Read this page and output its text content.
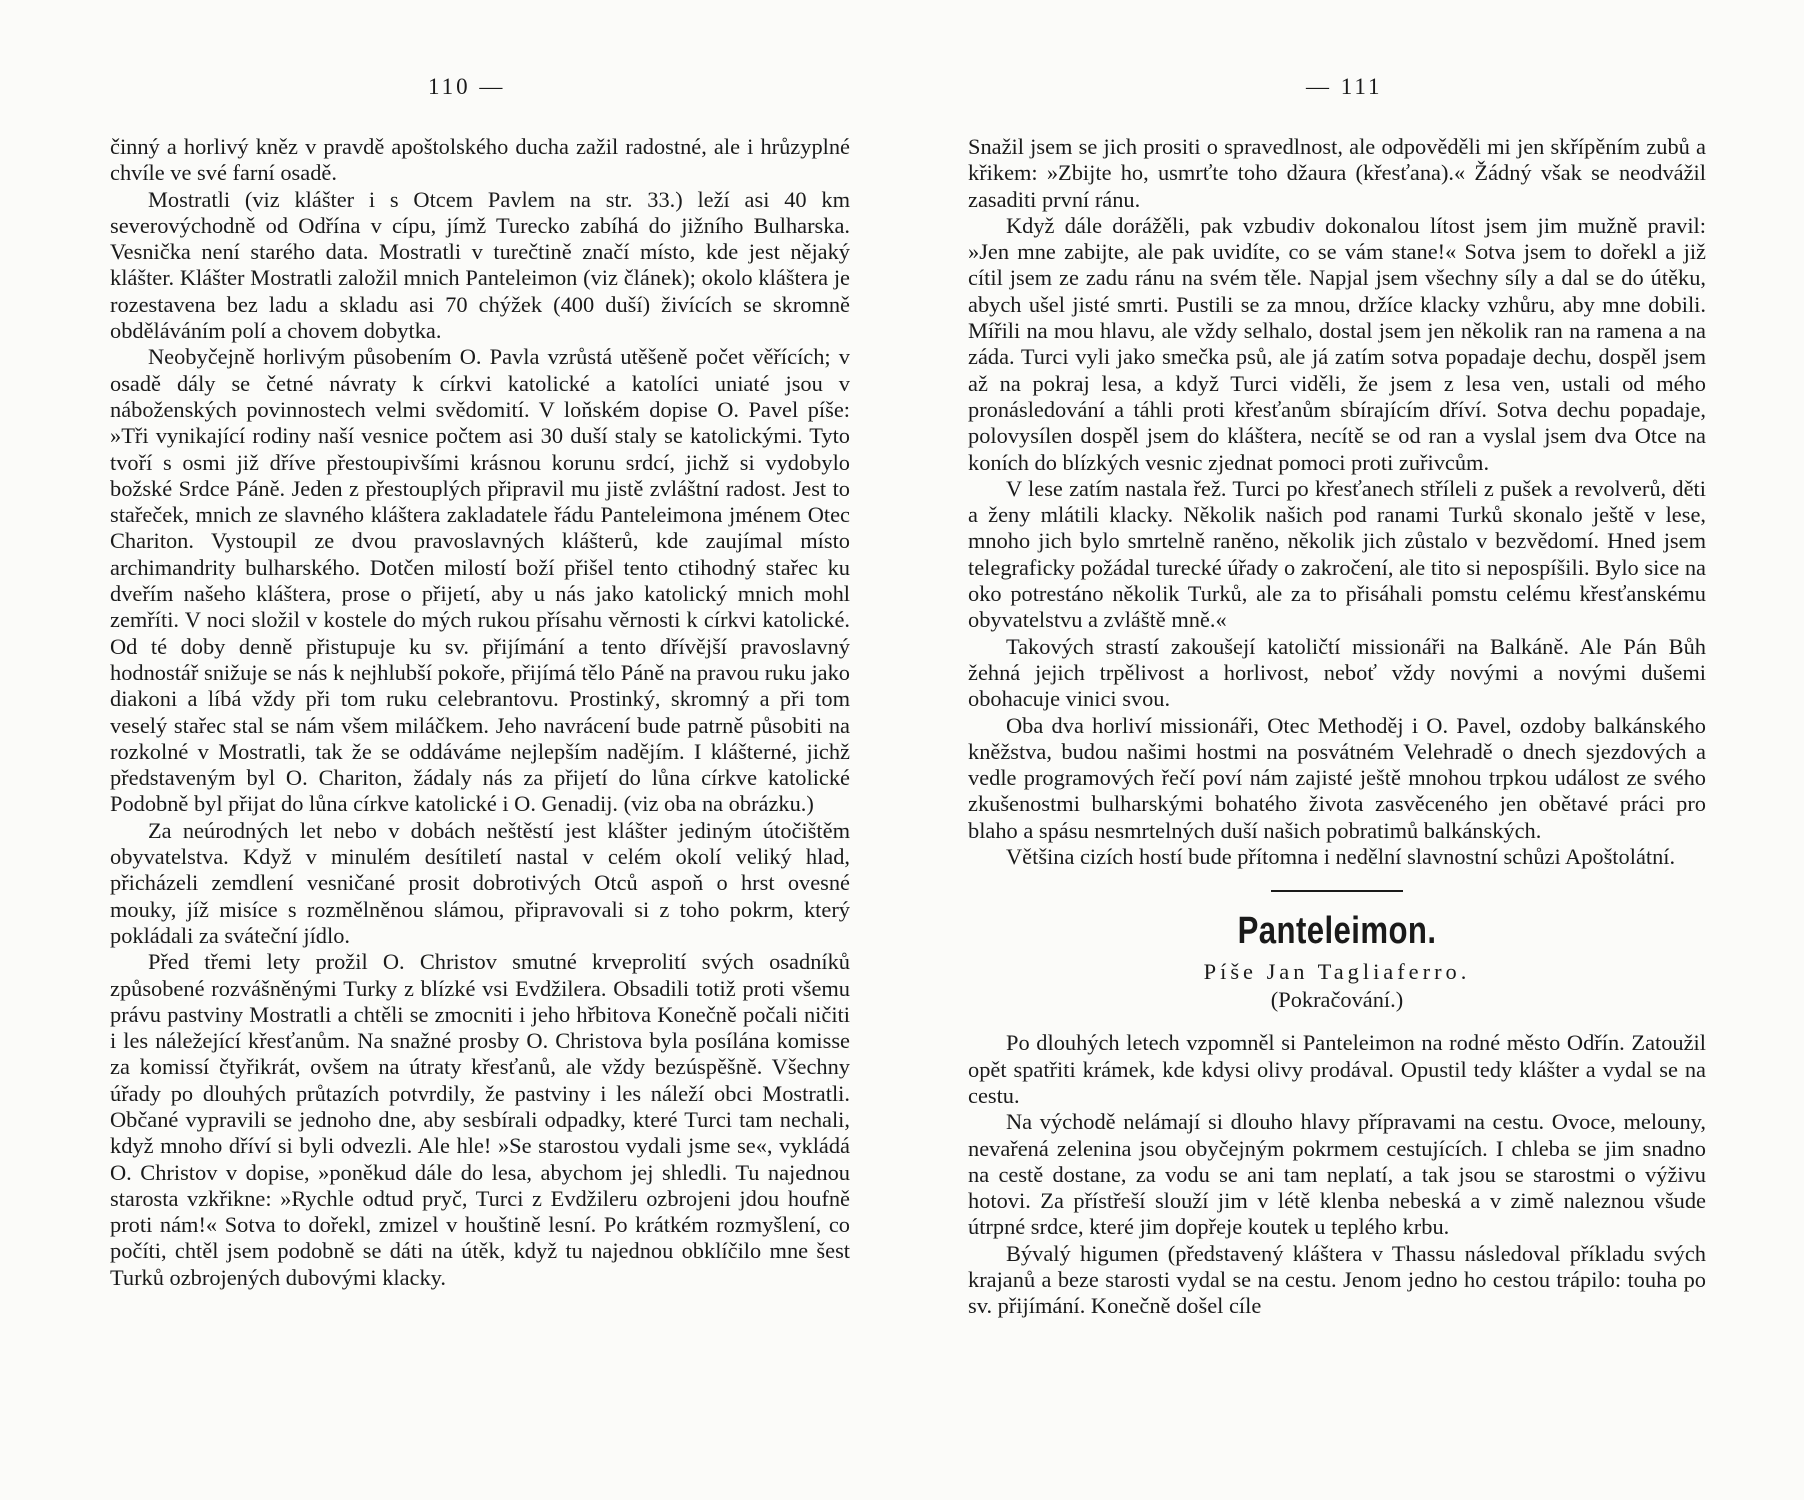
110 —

činný a horlivý kněz v pravdě apoštolského ducha zažil radostné, ale i hrůzyplné chvíle ve své farní osadě.

Mostratli (viz klášter i s Otcem Pavlem na str. 33.) leží asi 40 km severovýchodně od Odřína v cípu, jímž Turecko zabíhá do jižního Bulharska. Vesnička není starého data. Mostratli v turečtině značí místo, kde jest nějaký klášter. Klášter Mostratli založil mnich Panteleimon (viz článek); okolo kláštera je rozestavena bez ladu a skladu asi 70 chýžek (400 duší) živících se skromně obděláváním polí a chovem dobytka.

Neobyčejně horlivým působením O. Pavla vzrůstá utěšeně počet věřících; v osadě dály se četné návraty k církvi katolické a katolíci uniaté jsou v náboženských povinnostech velmi svědomití. V loňském dopise O. Pavel píše: »Tři vynikající rodiny naší vesnice počtem asi 30 duší staly se katolickými. Tyto tvoří s osmi již dříve přestoupivšími krásnou korunu srdcí, jichž si vydobylo božské Srdce Páně. Jeden z přestouplých připravil mu jistě zvláštní radost. Jest to stařeček, mnich ze slavného kláštera zakladatele řádu Panteleimona jménem Otec Chariton. Vystoupil ze dvou pravoslavných klášterů, kde zaujímal místo archimandrity bulharského. Dotčen milostí boží přišel tento ctihodný stařec ku dveřím našeho kláštera, prose o přijetí, aby u nás jako katolický mnich mohl zemříti. V noci složil v kostele do mých rukou přísahu věrnosti k církvi katolické. Od té doby denně přistupuje ku sv. přijímání a tento dřívější pravoslavný hodnostář snižuje se nás k nejhlubší pokoře, přijímá tělo Páně na pravou ruku jako diakoni a líbá vždy při tom ruku celebrantovu. Prostinký, skromný a při tom veselý stařec stal se nám všem miláčkem. Jeho navrácení bude patrně působiti na rozkolné v Mostratli, tak že se oddáváme nejlepším nadějím. I klášterné, jichž představeným byl O. Chariton, žádaly nás za přijetí do lůna církve katolické Podobně byl přijat do lůna církve katolické i O. Genadij. (viz oba na obrázku.)

Za neúrodných let nebo v dobách neštěstí jest klášter jediným útočištěm obyvatelstva. Když v minulém desítiletí nastal v celém okolí veliký hlad, přicházeli zemdlení vesničané prosit dobrotivých Otců aspoň o hrst ovesné mouky, jíž misíce s rozmělněnou slámou, připravovali si z toho pokrm, který pokládali za sváteční jídlo.

Před třemi lety prožil O. Christov smutné krveprolití svých osadníků způsobené rozvášněnými Turky z blízké vsi Evdžilera. Obsadili totiž proti všemu právu pastviny Mostratli a chtěli se zmocniti i jeho hřbitova Konečně počali ničiti i les náležející křesťanům. Na snažné prosby O. Christova byla posílána komisse za komissí čtyřikrát, ovšem na útraty křesťanů, ale vždy bezúspěšně. Všechny úřady po dlouhých průtazích potvrdily, že pastviny i les náleží obci Mostratli. Občané vypravili se jednoho dne, aby sesbírali odpadky, které Turci tam nechali, když mnoho dříví si byli odvezli. Ale hle! »Se starostou vydali jsme se«, vykládá O. Christov v dopise, »poněkud dále do lesa, abychom jej shledli. Tu najednou starosta vzkřikne: »Rychle odtud pryč, Turci z Evdžileru ozbrojeni jdou houfně proti nám!« Sotva to dořekl, zmizel v houštině lesní. Po krátkém rozmyšlení, co počíti, chtěl jsem podobně se dáti na útěk, když tu najednou obklíčilo mne šest Turků ozbrojených dubovými klacky.

— 111

Snažil jsem se jich prositi o spravedlnost, ale odpověděli mi jen skřípěním zubů a křikem: »Zbijte ho, usmrťte toho džaura (křesťana).« Žádný však se neodvážil zasaditi první ránu.

Když dále dorážěli, pak vzbudiv dokonalou lítost jsem jim mužně pravil: »Jen mne zabijte, ale pak uvidíte, co se vám stane!« Sotva jsem to dořekl a již cítil jsem ze zadu ránu na svém těle. Napjal jsem všechny síly a dal se do útěku, abych ušel jisté smrti. Pustili se za mnou, držíce klacky vzhůru, aby mne dobili. Mířili na mou hlavu, ale vždy selhalo, dostal jsem jen několik ran na ramena a na záda. Turci vyli jako smečka psů, ale já zatím sotva popadaje dechu, dospěl jsem až na pokraj lesa, a když Turci viděli, že jsem z lesa ven, ustali od mého pronásledování a táhli proti křesťanům sbírajícím dříví. Sotva dechu popadaje, polovysílen dospěl jsem do kláštera, necítě se od ran a vyslal jsem dva Otce na koních do blízkých vesnic zjednat pomoci proti zuřivcům.

V lese zatím nastala řež. Turci po křesťanech stříleli z pušek a revolverů, děti a ženy mlátili klacky. Několik našich pod ranami Turků skonalo ještě v lese, mnoho jich bylo smrtelně raněno, několik jich zůstalo v bezvědomí. Hned jsem telegraficky požádal turecké úřady o zakročení, ale tito si nepospíšili. Bylo sice na oko potrestáno několik Turků, ale za to přisáhali pomstu celému křesťanskému obyvatelstvu a zvláště mně.«

Takových strastí zakoušejí katoličtí missionáři na Balkáně. Ale Pán Bůh žehná jejich trpělivost a horlivost, neboť vždy novými a novými dušemi obohacuje vinici svou.

Oba dva horliví missionáři, Otec Methoděj i O. Pavel, ozdoby balkánského kněžstva, budou našimi hostmi na posvátném Velehradě o dnech sjezdových a vedle programových řečí poví nám zajisté ještě mnohou trpkou událost ze svého zkušenostmi bulharskými bohatého života zasvěceného jen obětavé práci pro blaho a spásu nesmrtelných duší našich pobratimů balkánských.

Většina cizích hostí bude přítomna i nedělní slavnostní schůzi Apoštolátní.

Panteleimon.
Píše Jan Tagliaferro.
(Pokračování.)

Po dlouhých letech vzpomněl si Panteleimon na rodné město Odřín. Zatoužil opět spatřiti krámek, kde kdysi olivy prodával. Opustil tedy klášter a vydal se na cestu.

Na východě nelámají si dlouho hlavy přípravami na cestu. Ovoce, melouny, nevařená zelenina jsou obyčejným pokrmem cestujících. I chleba se jim snadno na cestě dostane, za vodu se ani tam neplatí, a tak jsou se starostmi o výživu hotovi. Za přístřeší slouží jim v létě klenba nebeská a v zimě naleznou všude útrpné srdce, které jim dopřeje koutek u teplého krbu.

Bývalý higumen (představený kláštera v Thassu následoval příkladu svých krajanů a beze starosti vydal se na cestu. Jenom jedno ho cestou trápilo: touha po sv. přijímání. Konečně došel cíle
